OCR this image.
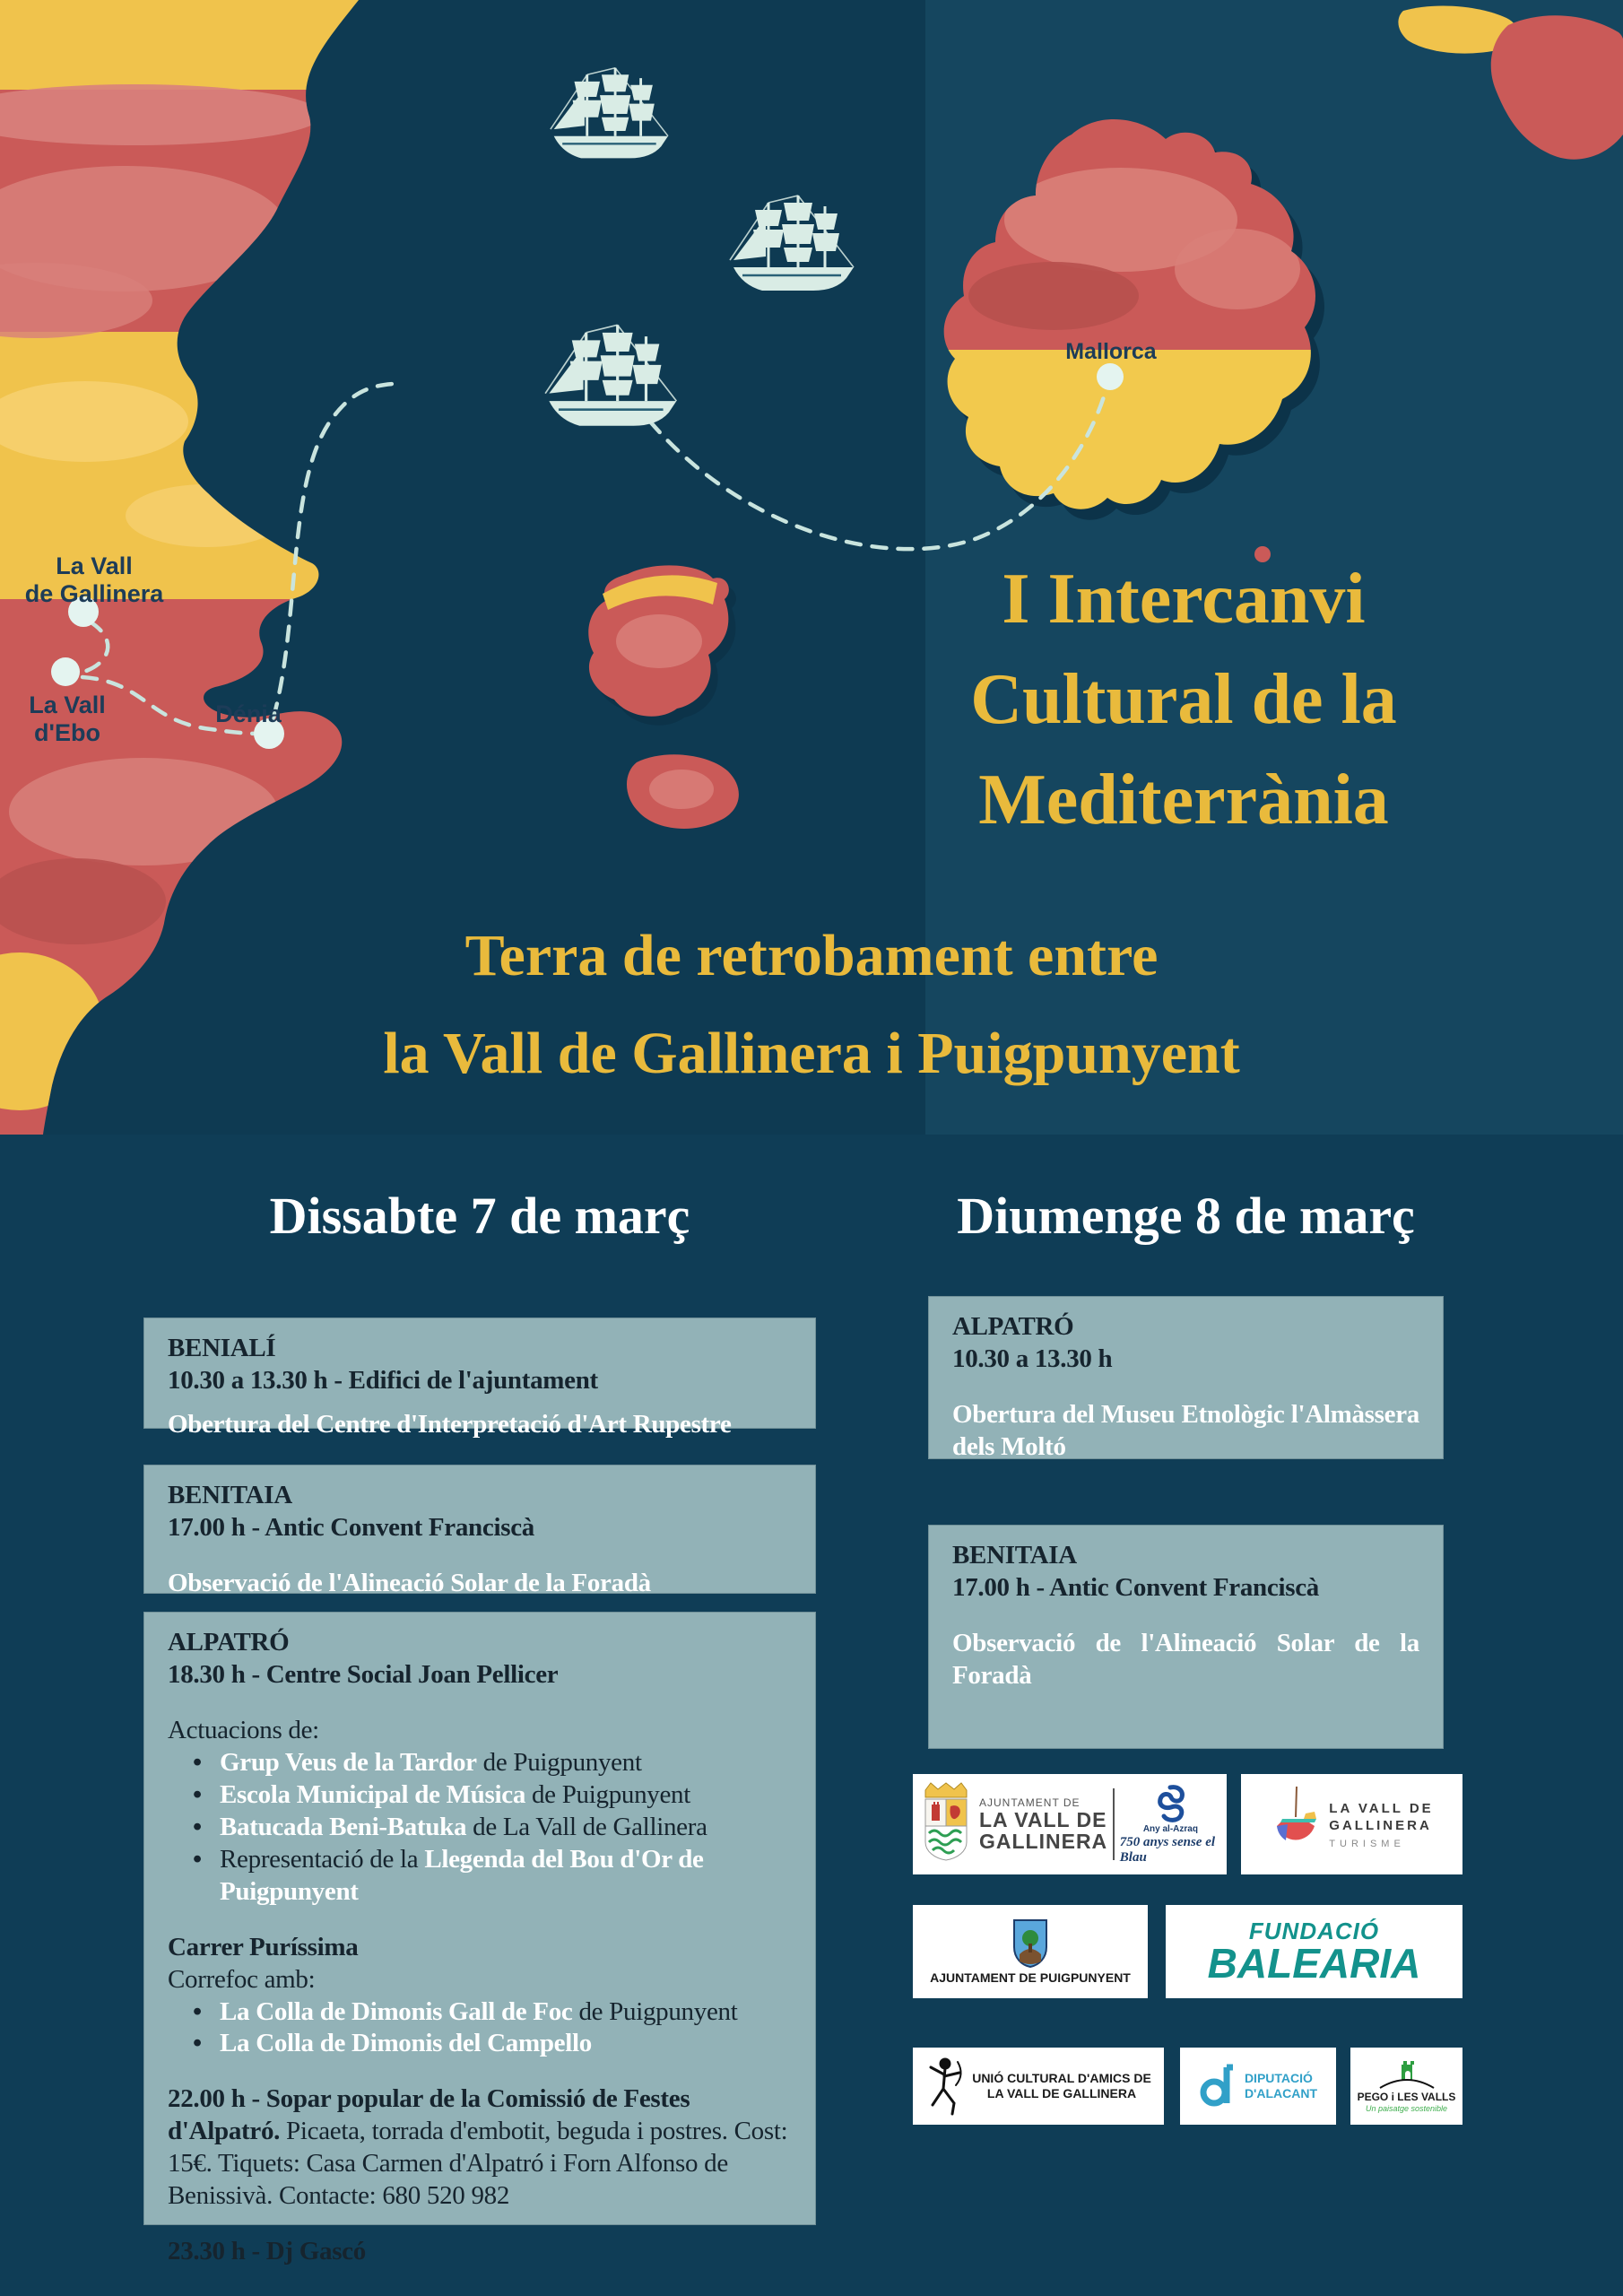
La Vall de Gallinera
La Vall d'Ebo
Dénia
Mallorca
I Intercanvi
Cultural de la
Mediterrània
Terra de retrobament entre
la Vall de Gallinera i Puigpunyent
Dissabte 7 de març	Diumenge 8 de març
BENIALÍ
10.30 a 13.30 h - Edifici de l'ajuntament
Obertura del Centre d'Interpretació d'Art Rupestre
BENITAIA
17.00 h - Antic Convent Franciscà
Observació de l'Alineació Solar de la Foradà
ALPATRÓ
18.30 h - Centre Social Joan Pellicer
Actuacions de:
• Grup Veus de la Tardor de Puigpunyent
• Escola Municipal de Música de Puigpunyent
• Batucada Beni-Batuka de La Vall de Gallinera
• Representació de la Llegenda del Bou d'Or de Puigpunyent
Carrer Puríssima
Correfoc amb:
• La Colla de Dimonis Gall de Foc de Puigpunyent
• La Colla de Dimonis del Campello
22.00 h - Sopar popular de la Comissió de Festes d'Alpatró. Picaeta, torrada d'embotit, beguda i postres. Cost: 15€. Tiquets: Casa Carmen d'Alpatró i Forn Alfonso de Benissivà. Contacte: 680 520 982
23.30 h - Dj Gascó
ALPATRÓ
10.30 a 13.30 h
Obertura del Museu Etnològic l'Almàssera dels Moltó
BENITAIA
17.00 h - Antic Convent Franciscà
Observació de l'Alineació Solar de la Foradà
AJUNTAMENT DE
LA VALL DE
GALLINERA
Any al-Azraq
750 anys sense el Blau
LA VALL DE
GALLINERA
TURISME
AJUNTAMENT DE PUIGPUNYENT
FUNDACIÓ
BALEARIA
UNIÓ CULTURAL D'AMICS DE
LA VALL DE GALLINERA
DIPUTACIÓ
D'ALACANT	PEGO i LES VALLS
Un paisatge sostenible
